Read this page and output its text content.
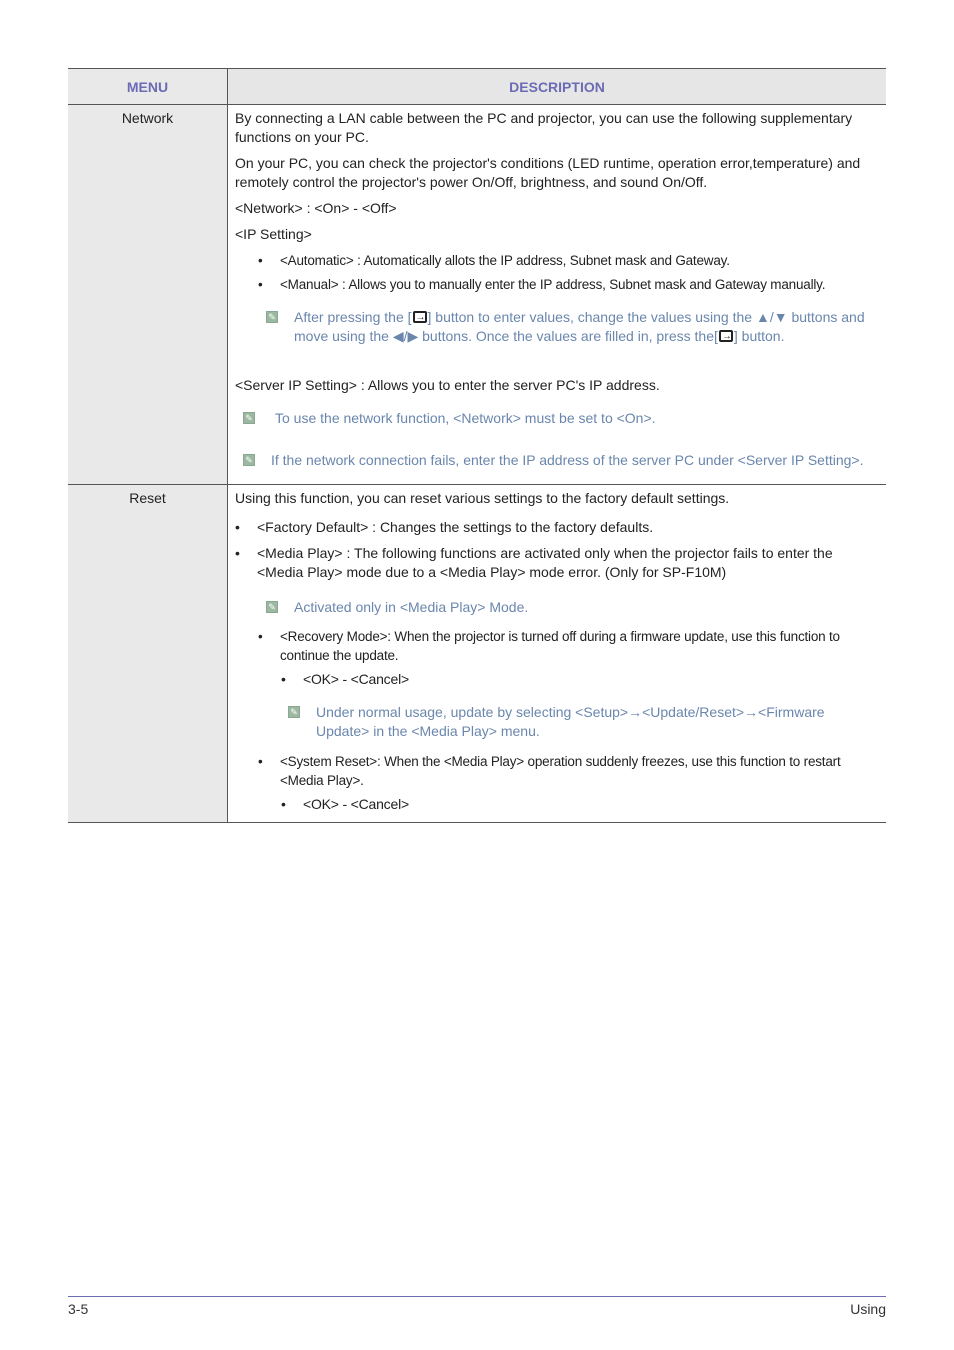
MENU	DESCRIPTION
Network	By connecting a LAN cable between the PC and projector, you can use the following supplementary functions on your PC.

On your PC, you can check the projector's conditions (LED runtime, operation error,temperature) and remotely control the projector's power On/Off, brightness, and sound On/Off.

<Network> : <On> - <Off>

<IP Setting>

• <Automatic> : Automatically allots the IP address, Subnet mask and Gateway.
• <Manual> : Allows you to manually enter the IP address, Subnet mask and Gateway manually.
✎ After pressing the [ → ] button to enter values, change the values using the ▲/▼ buttons and move using the ◀/▶ buttons. Once the values are filled in, press the[ → ] button.

<Server IP Setting> : Allows you to enter the server PC's IP address.

✎ To use the network function, <Network> must be set to <On>.
✎ If the network connection fails, enter the IP address of the server PC under <Server IP Setting>.
Reset	Using this function, you can reset various settings to the factory default settings.

• <Factory Default> : Changes the settings to the factory defaults.
• <Media Play> : The following functions are activated only when the projector fails to enter the <Media Play> mode due to a <Media Play> mode error. (Only for SP-F10M)
✎ Activated only in <Media Play> Mode.
• <Recovery Mode>: When the projector is turned off during a firmware update, use this function to continue the update.
• <OK> - <Cancel>
✎ Under normal usage, update by selecting <Setup>→<Update/Reset>→<Firmware Update> in the <Media Play> menu.
• <System Reset>: When the <Media Play> operation suddenly freezes, use this function to restart <Media Play>.
• <OK> - <Cancel>
3-5	Using
